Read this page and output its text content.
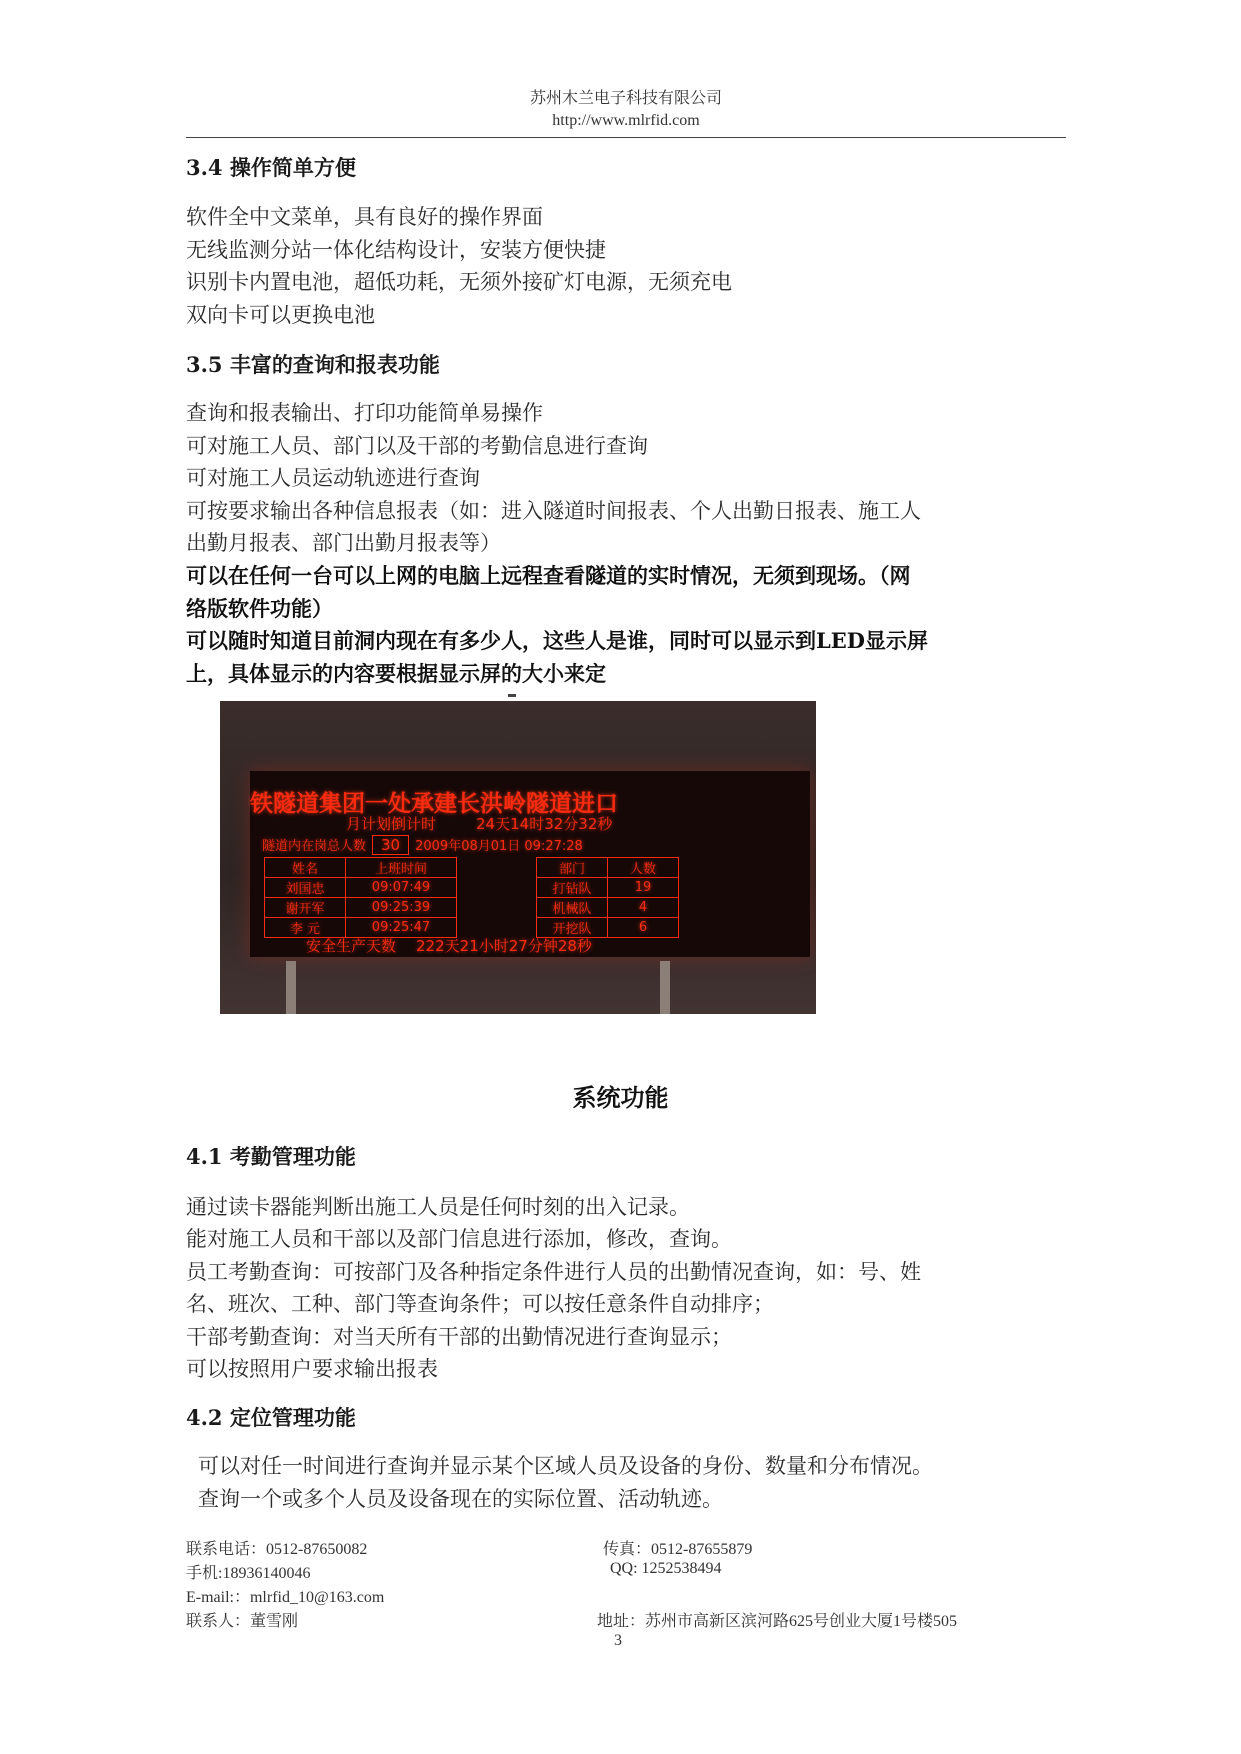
苏州木兰电子科技有限公司
http://www.mlrfid.com
3.4 操作简单方便
软件全中文菜单，具有良好的操作界面
无线监测分站一体化结构设计，安装方便快捷
识别卡内置电池，超低功耗，无须外接矿灯电源，无须充电
双向卡可以更换电池
3.5 丰富的查询和报表功能
查询和报表输出、打印功能简单易操作
可对施工人员、部门以及干部的考勤信息进行查询
可对施工人员运动轨迹进行查询
可按要求输出各种信息报表（如：进入隧道时间报表、个人出勤日报表、施工人
出勤月报表、部门出勤月报表等）
可以在任何一台可以上网的电脑上远程查看隧道的实时情况，无须到现场。（网
络版软件功能）
可以随时知道目前洞内现在有多少人，这些人是谁，同时可以显示到LED显示屏
上，具体显示的内容要根据显示屏的大小来定
铁隧道集团一处承建长洪岭隧道进口
月计划倒计时	24天14时32分32秒
隧道内在岗总人数 30 2009年08月01日 09:27:28
姓名	上班时间
刘国忠	09:07:49
谢开军	09:25:39
李 元	09:25:47
部门	人数
打钻队	19
机械队	4
开挖队	6
安全生产天数 222天21小时27分钟28秒
系统功能
4.1 考勤管理功能
通过读卡器能判断出施工人员是任何时刻的出入记录。
能对施工人员和干部以及部门信息进行添加，修改，查询。
员工考勤查询：可按部门及各种指定条件进行人员的出勤情况查询，如：号、姓
名、班次、工种、部门等查询条件；可以按任意条件自动排序；
干部考勤查询：对当天所有干部的出勤情况进行查询显示；
可以按照用户要求输出报表
4.2 定位管理功能
可以对任一时间进行查询并显示某个区域人员及设备的身份、数量和分布情况。
查询一个或多个人员及设备现在的实际位置、活动轨迹。
联系电话：0512-87650082	传真：0512-87655879
手机:18936140046	QQ: 1252538494
E-mail:：mlrfid_10@163.com
联系人：董雪刚	地址：苏州市高新区滨河路625号创业大厦1号楼505
3
